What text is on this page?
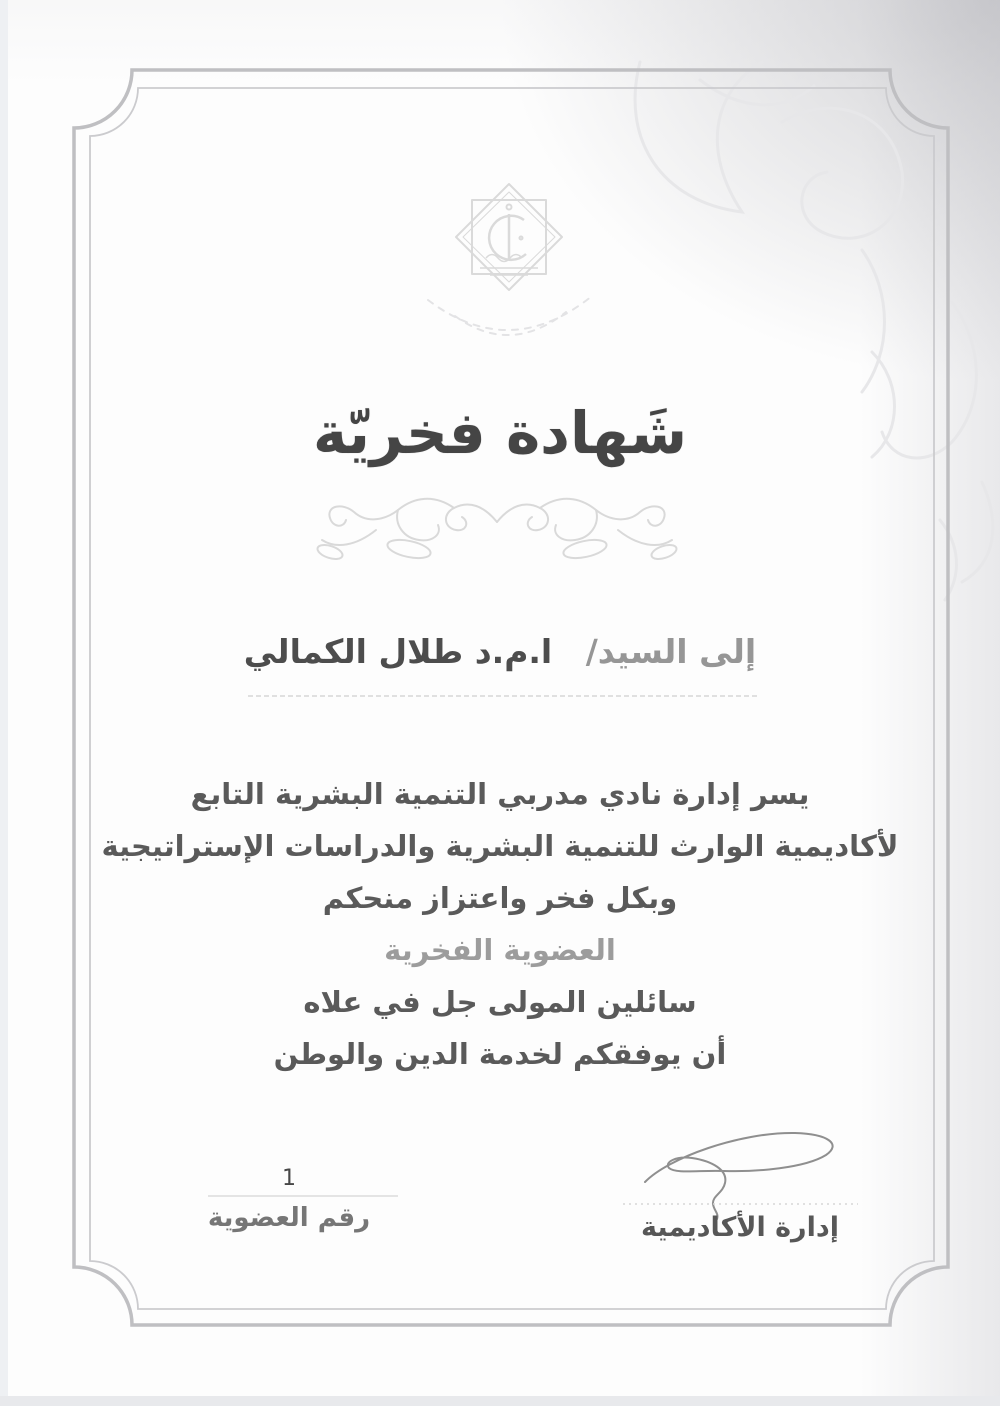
شَهادة فخريّة
إلى السيد/ ا.م.د طلال الكمالي
يسر إدارة نادي مدربي التنمية البشرية التابع
لأكاديمية الوارث للتنمية البشرية والدراسات الإستراتيجية
وبكل فخر واعتزاز منحكم
العضوية الفخرية
سائلين المولى جل في علاه
أن يوفقكم لخدمة الدين والوطن
إدارة الأكاديمية
1
رقم العضوية
